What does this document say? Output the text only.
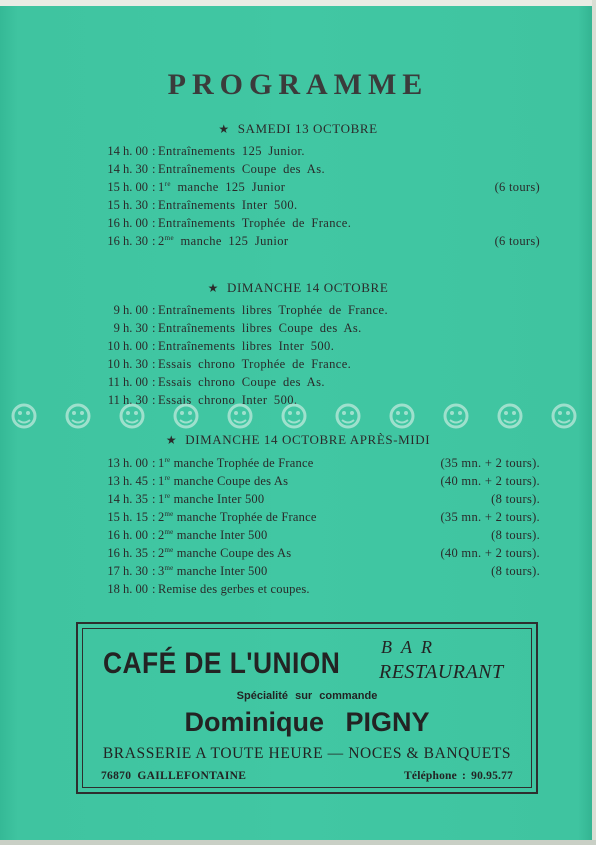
PROGRAMME
★ SAMEDI 13 OCTOBRE
14 h. 00 : Entraînements 125 Junior.
14 h. 30 : Entraînements Coupe des As.
15 h. 00 : 1re manche 125 Junior	(6 tours)
15 h. 30 : Entraînements Inter 500.
16 h. 00 : Entraînements Trophée de France.
16 h. 30 : $2^{me}$ manche 125 Junior	(6 tours)
★ DIMANCHE 14 OCTOBRE
9 h. 00 : Entraînements libres Trophée de France.
9 h. 30 : Entraînements libres Coupe des As.
10 h. 00 : Entraînements libres Inter 500.
10 h. 30 : Essais chrono Trophée de France.
11 h. 00 : Essais chrono Coupe des As.
11 h. 30 : Essais chrono Inter 500.
★ DIMANCHE 14 OCTOBRE APRÈS-MIDI
13 h. 00 : 1re manche Trophée de France	(35 mn. + 2 tours).
13 h. 45 : 1re manche Coupe des As	(40 mn. + 2 tours).
14 h. 35 : 1re manche Inter 500	(8 tours).
15 h. 15 : $2^{me}$ manche Trophée de France	(35 mn. + 2 tours).
16 h. 00 : $2^{me}$ manche Inter 500	(8 tours).
16 h. 35 : $2^{me}$ manche Coupe des As	(40 mn. + 2 tours).
17 h. 30 : $3^{me}$ manche Inter 500	(8 tours).
18 h. 00 : Remise des gerbes et coupes.
CAFÉ DE L'UNION BAR
RESTAURANT
Spécialité sur commande
Dominique PIGNY
BRASSERIE A TOUTE HEURE — NOCES & BANQUETS
76870 GAILLEFONTAINE	Téléphone : 90.95.77
